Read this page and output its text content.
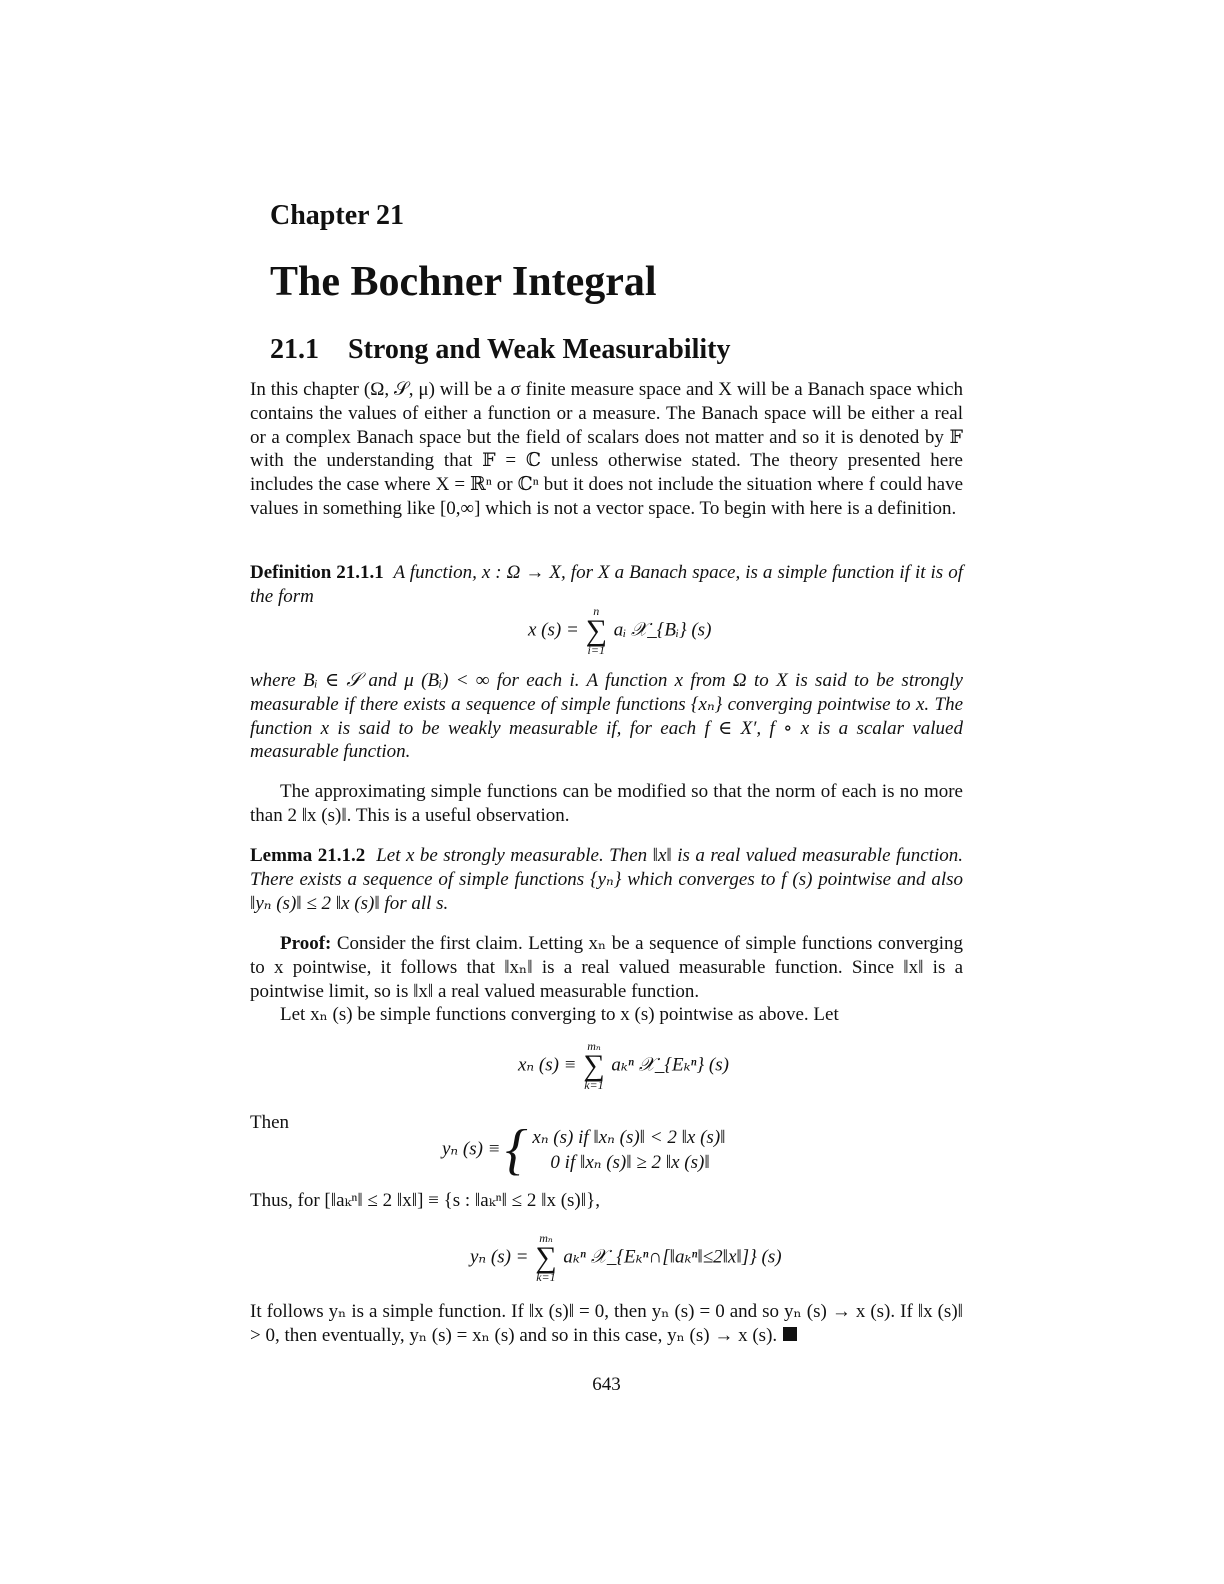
Chapter 21
The Bochner Integral
21.1 Strong and Weak Measurability

In this chapter (Ω, 𝒮, μ) will be a σ finite measure space and X will be a Banach space which contains the values of either a function or a measure. The Banach space will be either a real or a complex Banach space but the field of scalars does not matter and so it is denoted by 𝔽 with the understanding that 𝔽 = ℂ unless otherwise stated. The theory presented here includes the case where X = ℝⁿ or ℂⁿ but it does not include the situation where f could have values in something like [0,∞] which is not a vector space. To begin with here is a definition.

Definition 21.1.1 A function, x : Ω → X, for X a Banach space, is a simple function if it is of the form

x (s) =
n
∑
i=1
aᵢ 𝒳_{Bᵢ} (s)

where Bᵢ ∈ 𝒮 and μ (Bᵢ) < ∞ for each i. A function x from Ω to X is said to be strongly measurable if there exists a sequence of simple functions {xₙ} converging pointwise to x. The function x is said to be weakly measurable if, for each f ∈ X′, f ∘ x is a scalar valued measurable function.

The approximating simple functions can be modified so that the norm of each is no more than 2 ‖x (s)‖. This is a useful observation.

Lemma 21.1.2 Let x be strongly measurable. Then ‖x‖ is a real valued measurable function. There exists a sequence of simple functions {yₙ} which converges to f (s) pointwise and also ‖yₙ (s)‖ ≤ 2 ‖x (s)‖ for all s.

Proof: Consider the first claim. Letting xₙ be a sequence of simple functions converging to x pointwise, it follows that ‖xₙ‖ is a real valued measurable function. Since ‖x‖ is a pointwise limit, so is ‖x‖ a real valued measurable function.

Let xₙ (s) be simple functions converging to x (s) pointwise as above. Let

xₙ (s) ≡
mₙ
∑
k=1
aₖⁿ 𝒳_{Eₖⁿ} (s)

Then

yₙ (s) ≡ { xₙ (s) if ‖xₙ (s)‖ < 2 ‖x (s)‖
0 if ‖xₙ (s)‖ ≥ 2 ‖x (s)‖

Thus, for [‖aₖⁿ‖ ≤ 2 ‖x‖] ≡ {s : ‖aₖⁿ‖ ≤ 2 ‖x (s)‖},

yₙ (s) =
mₙ
∑
k=1
aₖⁿ 𝒳_{Eₖⁿ∩[‖aₖⁿ‖≤2‖x‖]} (s)

It follows yₙ is a simple function. If ‖x (s)‖ = 0, then yₙ (s) = 0 and so yₙ (s) → x (s). If ‖x (s)‖ > 0, then eventually, yₙ (s) = xₙ (s) and so in this case, yₙ (s) → x (s).

643
